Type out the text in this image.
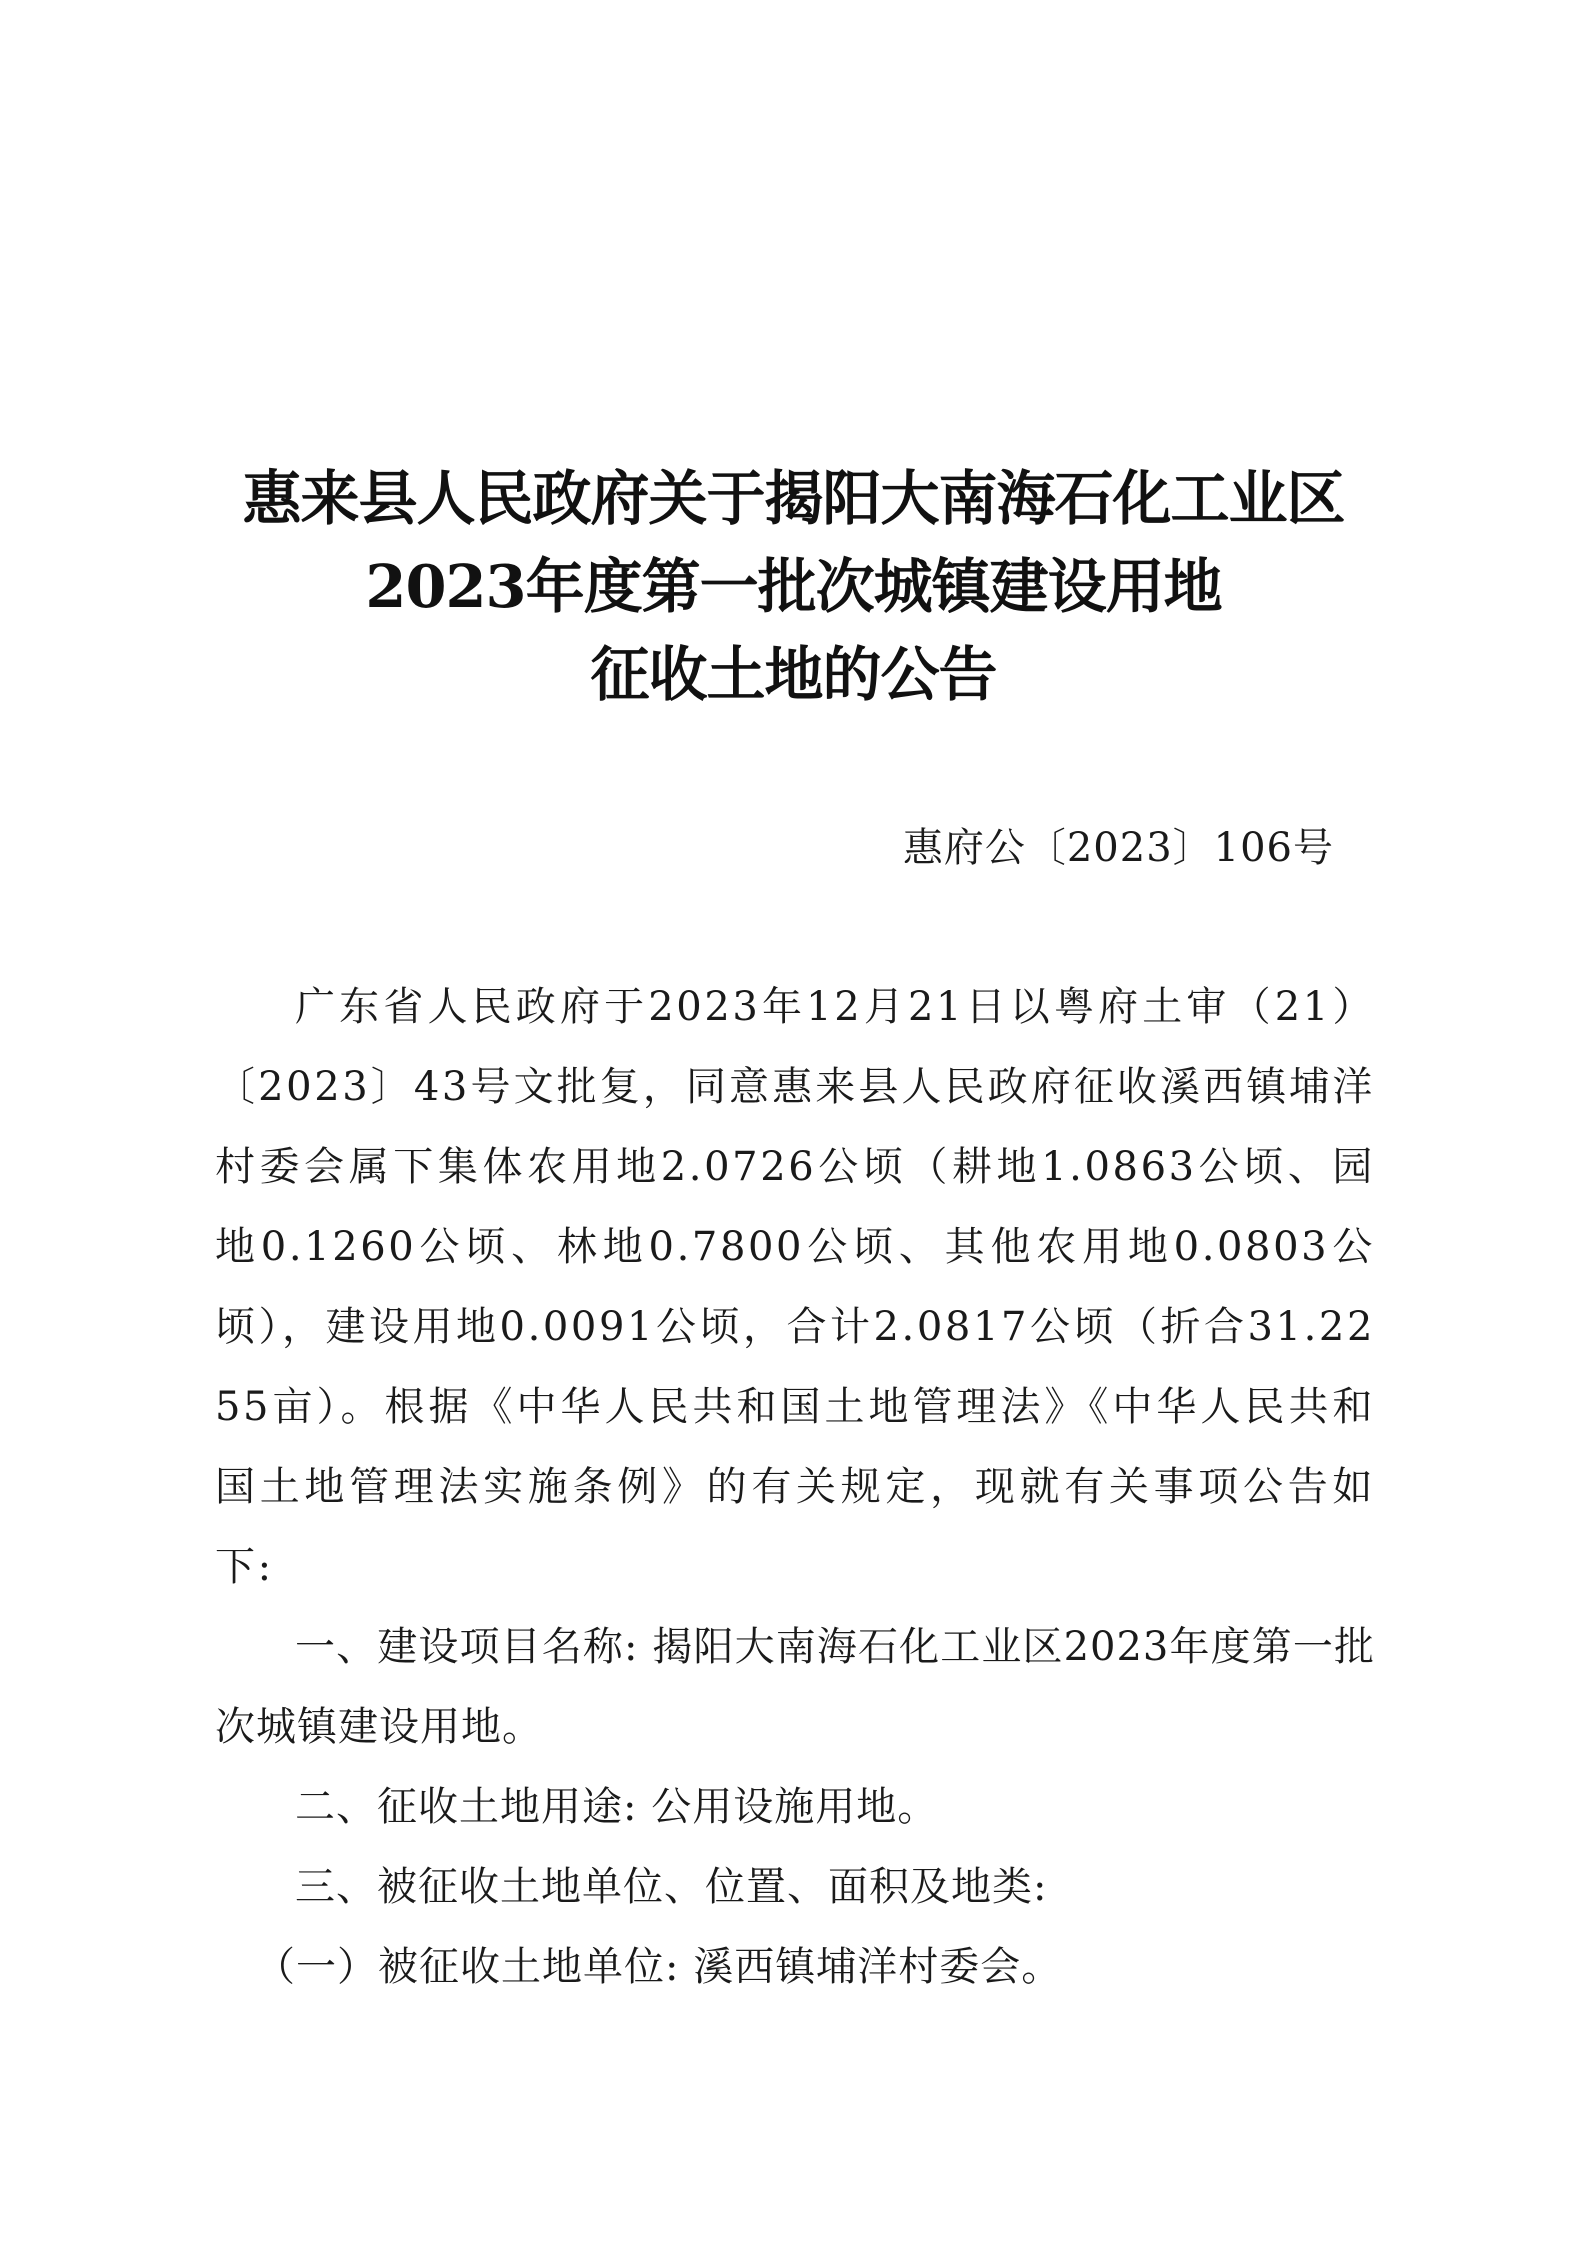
惠来县人民政府关于揭阳大南海石化工业区
2023年度第一批次城镇建设用地
征收土地的公告
惠府公〔2023〕106号

广东省人民政府于2023年12月21日以粤府土审（21）〔2023〕43号文批复，同意惠来县人民政府征收溪西镇埔洋村委会属下集体农用地2.0726公顷（耕地1.0863公顷、园地0.1260公顷、林地0.7800公顷、其他农用地0.0803公顷），建设用地0.0091公顷，合计2.0817公顷（折合31.2255亩）。根据《中华人民共和国土地管理法》《中华人民共和国土地管理法实施条例》的有关规定，现就有关事项公告如下:

一、建设项目名称: 揭阳大南海石化工业区2023年度第一批次城镇建设用地。

二、征收土地用途: 公用设施用地。

三、被征收土地单位、位置、面积及地类:

（一）被征收土地单位: 溪西镇埔洋村委会。
